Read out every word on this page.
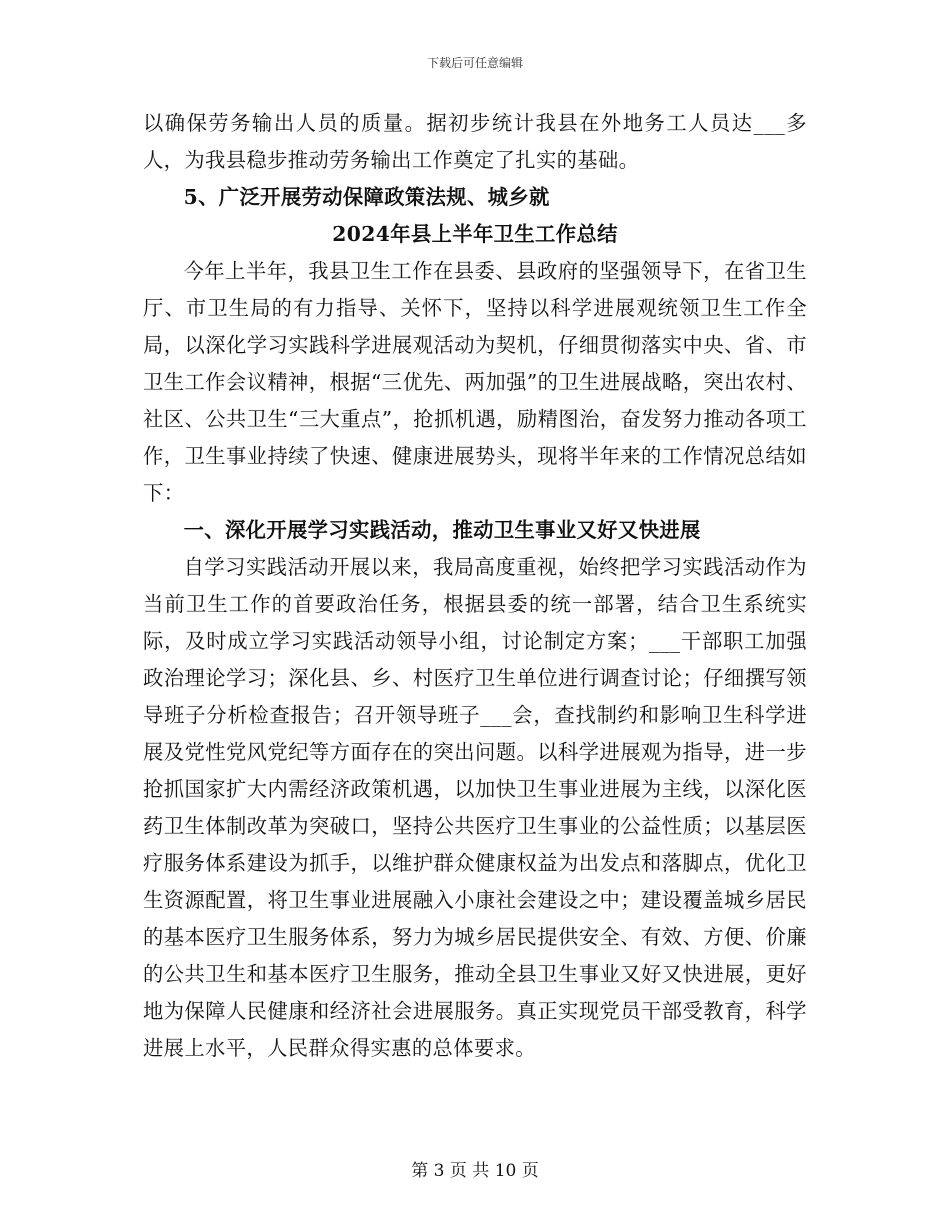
下载后可任意编辑

以确保劳务输出人员的质量。据初步统计我县在外地务工人员达___多人，为我县稳步推动劳务输出工作奠定了扎实的基础。

5、广泛开展劳动保障政策法规、城乡就

2024年县上半年卫生工作总结

今年上半年，我县卫生工作在县委、县政府的坚强领导下，在省卫生厅、市卫生局的有力指导、关怀下，坚持以科学进展观统领卫生工作全局，以深化学习实践科学进展观活动为契机，仔细贯彻落实中央、省、市卫生工作会议精神，根据“三优先、两加强”的卫生进展战略，突出农村、社区、公共卫生“三大重点”，抢抓机遇，励精图治，奋发努力推动各项工作，卫生事业持续了快速、健康进展势头，现将半年来的工作情况总结如下：

一、深化开展学习实践活动，推动卫生事业又好又快进展

自学习实践活动开展以来，我局高度重视，始终把学习实践活动作为当前卫生工作的首要政治任务，根据县委的统一部署，结合卫生系统实际，及时成立学习实践活动领导小组，讨论制定方案；___干部职工加强政治理论学习；深化县、乡、村医疗卫生单位进行调查讨论；仔细撰写领导班子分析检查报告；召开领导班子___会，查找制约和影响卫生科学进展及党性党风党纪等方面存在的突出问题。以科学进展观为指导，进一步抢抓国家扩大内需经济政策机遇，以加快卫生事业进展为主线，以深化医药卫生体制改革为突破口，坚持公共医疗卫生事业的公益性质；以基层医疗服务体系建设为抓手，以维护群众健康权益为出发点和落脚点，优化卫生资源配置，将卫生事业进展融入小康社会建设之中；建设覆盖城乡居民的基本医疗卫生服务体系，努力为城乡居民提供安全、有效、方便、价廉的公共卫生和基本医疗卫生服务，推动全县卫生事业又好又快进展，更好地为保障人民健康和经济社会进展服务。真正实现党员干部受教育，科学进展上水平，人民群众得实惠的总体要求。

第 3 页 共 10 页
